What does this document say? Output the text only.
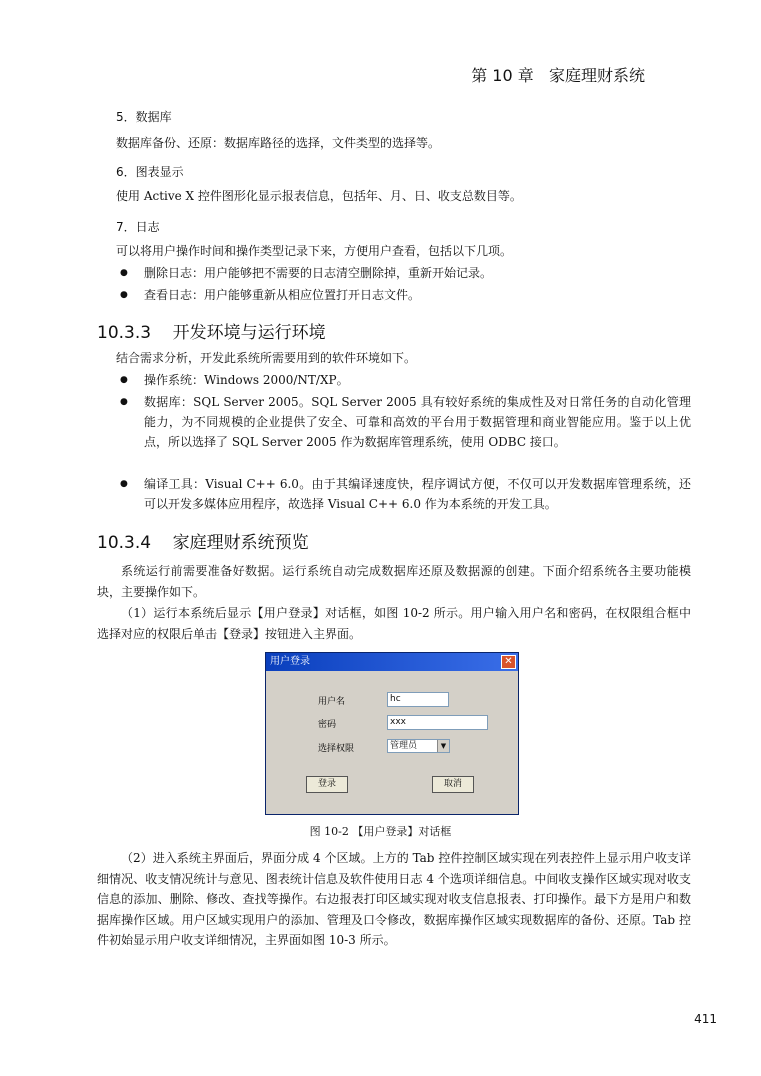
第 10 章   家庭理财系统
5．数据库
数据库备份、还原：数据库路径的选择，文件类型的选择等。
6．图表显示
使用 Active X 控件图形化显示报表信息，包括年、月、日、收支总数目等。
7．日志
可以将用户操作时间和操作类型记录下来，方便用户查看，包括以下几项。
● 删除日志：用户能够把不需要的日志清空删除掉，重新开始记录。
● 查看日志：用户能够重新从相应位置打开日志文件。
10.3.3    开发环境与运行环境
结合需求分析，开发此系统所需要用到的软件环境如下。
● 操作系统：Windows 2000/NT/XP。
● 数据库：SQL Server 2005。SQL Server 2005 具有较好系统的集成性及对日常任务的自动化管理能力，为不同规模的企业提供了安全、可靠和高效的平台用于数据管理和商业智能应用。鉴于以上优点，所以选择了 SQL Server 2005 作为数据库管理系统，使用 ODBC 接口。
● 编译工具：Visual C++ 6.0。由于其编译速度快，程序调试方便，不仅可以开发数据库管理系统，还可以开发多媒体应用程序，故选择 Visual C++ 6.0 作为本系统的开发工具。
10.3.4    家庭理财系统预览
系统运行前需要准备好数据。运行系统自动完成数据库还原及数据源的创建。下面介绍系统各主要功能模块，主要操作如下。
（1）运行本系统后显示【用户登录】对话框，如图 10-2 所示。用户输入用户名和密码，在权限组合框中选择对应的权限后单击【登录】按钮进入主界面。
用户登录	✕
用户名	hc
密码	xxx
选择权限	管理员	▼
登录	取消
图 10-2 【用户登录】对话框
（2）进入系统主界面后，界面分成 4 个区域。上方的 Tab 控件控制区域实现在列表控件上显示用户收支详细情况、收支情况统计与意见、图表统计信息及软件使用日志 4 个选项详细信息。中间收支操作区域实现对收支信息的添加、删除、修改、查找等操作。右边报表打印区域实现对收支信息报表、打印操作。最下方是用户和数据库操作区域。用户区域实现用户的添加、管理及口令修改，数据库操作区域实现数据库的备份、还原。Tab 控件初始显示用户收支详细情况，主界面如图 10-3 所示。
411
